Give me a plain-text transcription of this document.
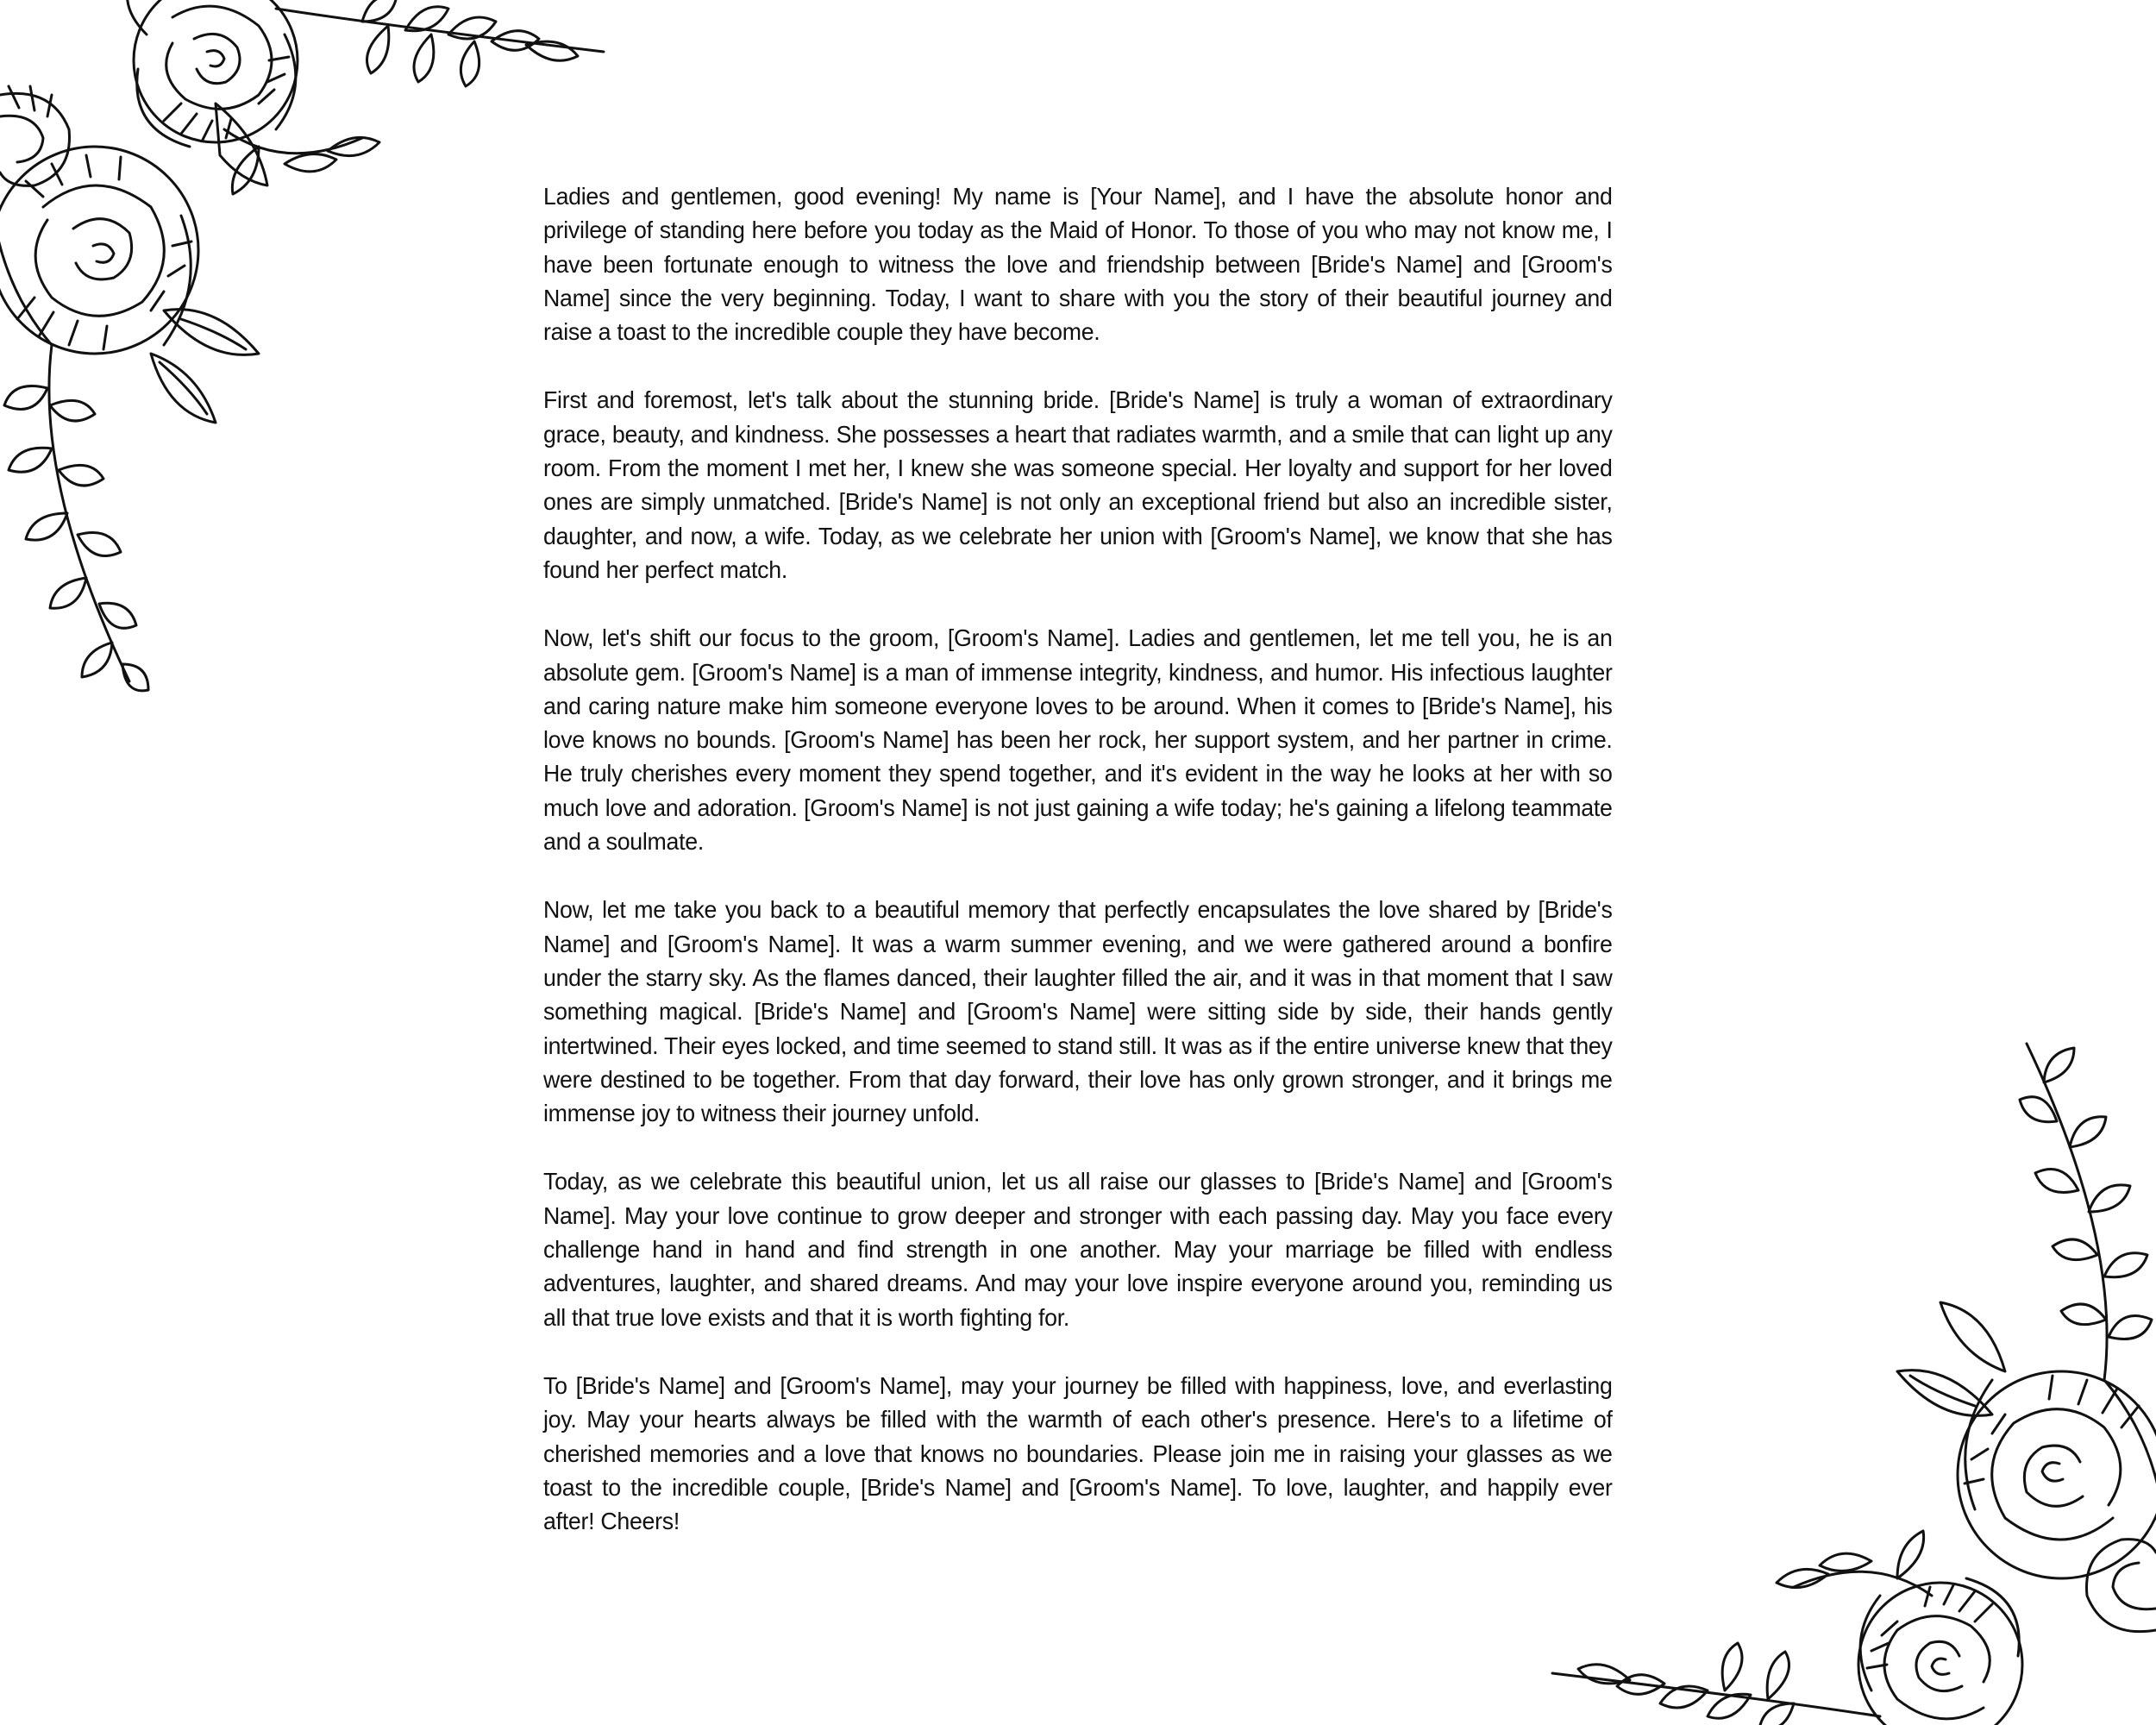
Ladies and gentlemen, good evening! My name is [Your Name], and I have the absolute honor and privilege of standing here before you today as the Maid of Honor. To those of you who may not know me, I have been fortunate enough to witness the love and friendship between [Bride's Name] and [Groom's Name] since the very beginning. Today, I want to share with you the story of their beautiful journey and raise a toast to the incredible couple they have become.

First and foremost, let's talk about the stunning bride. [Bride's Name] is truly a woman of extraordinary grace, beauty, and kindness. She possesses a heart that radiates warmth, and a smile that can light up any room. From the moment I met her, I knew she was someone special. Her loyalty and support for her loved ones are simply unmatched. [Bride's Name] is not only an exceptional friend but also an incredible sister, daughter, and now, a wife. Today, as we celebrate her union with [Groom's Name], we know that she has found her perfect match.

Now, let's shift our focus to the groom, [Groom's Name]. Ladies and gentlemen, let me tell you, he is an absolute gem. [Groom's Name] is a man of immense integrity, kindness, and humor. His infectious laughter and caring nature make him someone everyone loves to be around. When it comes to [Bride's Name], his love knows no bounds. [Groom's Name] has been her rock, her support system, and her partner in crime. He truly cherishes every moment they spend together, and it's evident in the way he looks at her with so much love and adoration. [Groom's Name] is not just gaining a wife today; he's gaining a lifelong teammate and a soulmate.

Now, let me take you back to a beautiful memory that perfectly encapsulates the love shared by [Bride's Name] and [Groom's Name]. It was a warm summer evening, and we were gathered around a bonfire under the starry sky. As the flames danced, their laughter filled the air, and it was in that moment that I saw something magical. [Bride's Name] and [Groom's Name] were sitting side by side, their hands gently intertwined. Their eyes locked, and time seemed to stand still. It was as if the entire universe knew that they were destined to be together. From that day forward, their love has only grown stronger, and it brings me immense joy to witness their journey unfold.

Today, as we celebrate this beautiful union, let us all raise our glasses to [Bride's Name] and [Groom's Name]. May your love continue to grow deeper and stronger with each passing day. May you face every challenge hand in hand and find strength in one another. May your marriage be filled with endless adventures, laughter, and shared dreams. And may your love inspire everyone around you, reminding us all that true love exists and that it is worth fighting for.

To [Bride's Name] and [Groom's Name], may your journey be filled with happiness, love, and everlasting joy. May your hearts always be filled with the warmth of each other's presence. Here's to a lifetime of cherished memories and a love that knows no boundaries. Please join me in raising your glasses as we toast to the incredible couple, [Bride's Name] and [Groom's Name]. To love, laughter, and happily ever after! Cheers!
